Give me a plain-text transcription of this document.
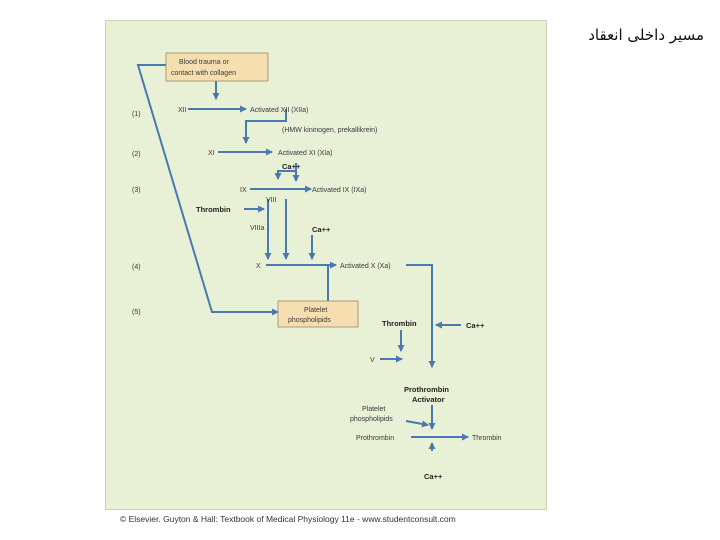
مسیر داخلی انعقاد
(1)
(2)
(3)
(4)
(5)
Blood trauma or
contact with collagen
XII	Activated XII (XIIa)
(HMW kininogen, prekallikrein)
XI	Activated XI (XIa)
Ca++
IX	Activated IX (IXa)
VIII
Thrombin
VIIIa	Ca++
X	Activated X (Xa)
Platelet
phospholipids	Thrombin	Ca++
V
Prothrombin
Activator
Platelet
phospholipids
Prothrombin	Thrombin
Ca++
© Elsevier. Guyton & Hall: Textbook of Medical Physiology 11e - www.studentconsult.com
